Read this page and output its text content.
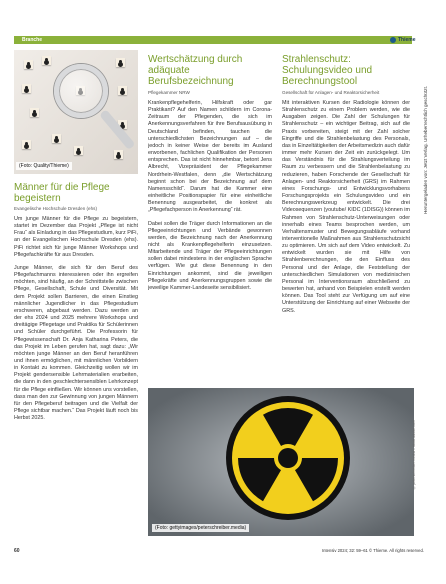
Branche	Thieme
(Foto: Quality/Thieme)
Männer für die Pflege begeistern
Evangelische Hochschule Dresden (ehs)

Um junge Männer für die Pflege zu begeistern, startet im Dezember das Projekt „Pflege ist nicht Frau“ als Einladung in das Pflegestudium, kurz PiFi, an der Evangelischen Hochschule Dresden (ehs). PiFi richtet sich für junge Männer Workshops und Pflegefachkräfte für aus Dresden.

Junge Männer, die sich für den Beruf des Pflegefachmanns interessieren oder ihn ergreifen möchten, sind häufig, an der Schnittstelle zwischen Pflege, Gesellschaft, Schule und Diversität. Mit dem Projekt sollen Barrieren, die einen Einstieg männlicher Jugendlicher in das Pflegestudium erschweren, abgebaut werden. Dazu werden an der ehs 2024 und 2025 mehrere Workshops und dreitägige Pflegetage und Praktika für Schülerinnen und Schüler durchgeführt. Die Professorin für Pflegewissenschaft Dr. Anja Katharina Peters, die das Projekt im Leben gerufen hat, sagt dazu: „Wir möchten junge Männer an den Beruf heranführen und ihnen ermöglichen, mit männlichen Vorbildern in Kontakt zu kommen. Gleichzeitig wollen wir im Projekt gendersensible Lehrmaterialien erarbeiten, die dann in den geschlechtersensiblen Lehrkonzept für die Pflege einfließen. Wir können uns vorstellen, dass man den zur Gewinnung von jungen Männern für den Pflegeberuf beitragen und die Vielfalt der Pflege sichtbar machen.“ Das Projekt läuft noch bis Herbst 2025.

Wertschätzung durch adäquate Berufsbezeichnung
Pflegekammer NRW

Krankenpflegehelferin, Hilfskraft oder gar Praktikant? Auf den Namen schildern im Corona-Zeitraum der Pflegenden, die sich im Anerkennungsverfahren für ihre Berufsausübung in Deutschland befinden, tauchen die unterschiedlichsten Bezeichnungen auf – die jedoch in keiner Weise der bereits im Ausland erworbenen, fachlichen Qualifikation der Personen entsprechen. Das ist nicht hinnehmbar, betont Jens Albrecht, Vizepräsident der Pflegekammer Nordrhein-Westfalen, denn „die Wertschätzung beginnt schon bei der Bezeichnung auf dem Namensschild“. Darum hat die Kammer eine einheitliche Positionspapier für eine einheitliche Benennung ausgearbeitet, die konkret als „Pflegefachperson in Anerkennung“ rät.

Dabei sollen die Träger durch Informationen an die Pflegeeinrichtungen und Verbände gewonnen werden, die Bezeichnung nach der Anerkennung nicht als Krankenpflegehelferin einzusetzen. Mitarbeitende und Träger der Pflegeeinrichtungen sollen dabei mindestens in der englischen Sprache verfügen. Wie gut diese Benennung in den Einrichtungen ankommt, sind die jeweiligen Pflegekräfte und Anerkennungsgruppen sowie die jeweilige Kammer-Landeseite sensibilisiert.

Strahlenschutz: Schulungsvideo und Berechnungstool
Gesellschaft für Anlagen- und Reaktorsicherheit

Mit interaktiven Kursen der Radiologie können der Strahlenschutz zu einem Problem werden, wie die Ausgaben zeigen. Die Zahl der Schulungen für Strahlenschutz – ein wichtiger Beitrag, sich auf die Praxis vorbereiten, steigt mit der Zahl solcher Eingriffe und die Strahlenbelastung des Personals, das in Einzeltätigkeiten der Arbeitsmedizin auch dafür immer mehr Kursen der Zeit ein zurückgelegt. Um das Verständnis für die Strahlungsverteilung im Raum zu verbessern und die Strahlenbelastung zu reduzieren, haben Forschende der Gesellschaft für Anlagen- und Reaktorsicherheit (GRS) im Rahmen eines Forschungs- und Entwicklungsvorhabens Forschungsprojekts ein Schulungsvideo und ein Berechnungswerkzeug entwickelt. Die drei Videosequenzen (youtube/ KIDC (1DISG)) können im Rahmen von Strahlenschutz-Unterweisungen oder innerhalb eines Teams besprochen werden, um Verhaltensmuster und Bewegungsabläufe vorhand interventionelle Maßnahmen aus Strahlenschutzsicht zu optimieren. Um sich auf dem Video entwickelt. Zu entwickelt wurden sie mit Hilfe von Strahlenberechnungen, die den Einfluss des Personal und der Anlage, die Feststellung der unterschiedlichen Simulationen von medizinischen Personal im Interventionsraum abschließend zu bewerten hat, anhand von Beispielen erstellt werden können. Das Tool steht zur Verfügung um auf eine Unterstützung der Einrichtung auf einer Webseite der GRS.

(Foto: gettyimages/peterschreiber.media)
© peterschreiber.media – stock.adobe.com
60	Intensiv 2024; 32: 59–61 © Thieme. All rights reserved.
Heruntergeladen von: Jetzt Verlag. Urheberrechtlich geschützt.
